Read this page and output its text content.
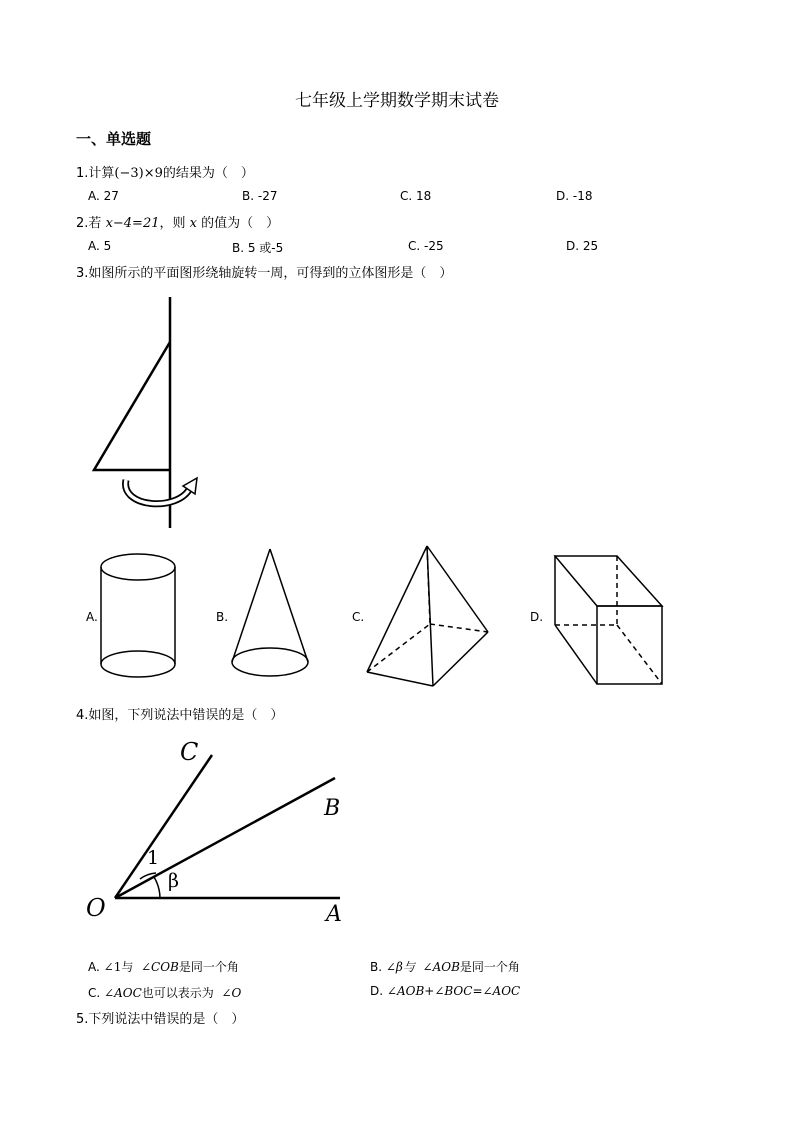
七年级上学期数学期末试卷
一、单选题
1.计算(−3)×9的结果为（　）
A. 27	B. -27	C. 18	D. -18
2.若 x−4=21，则 x 的值为（　）
A. 5	B. 5 或-5	C. -25	D. 25
3.如图所示的平面图形绕轴旋转一周，可得到的立体图形是（　）
A.	B.	C.	D.
4.如图，下列说法中错误的是（　）
C
B
O	A
1
β
A. ∠1与 ∠COB是同一个角	B. ∠β与 ∠AOB是同一个角
C. ∠AOC也可以表示为 ∠O	D. ∠AOB+∠BOC=∠AOC
5.下列说法中错误的是（　）
